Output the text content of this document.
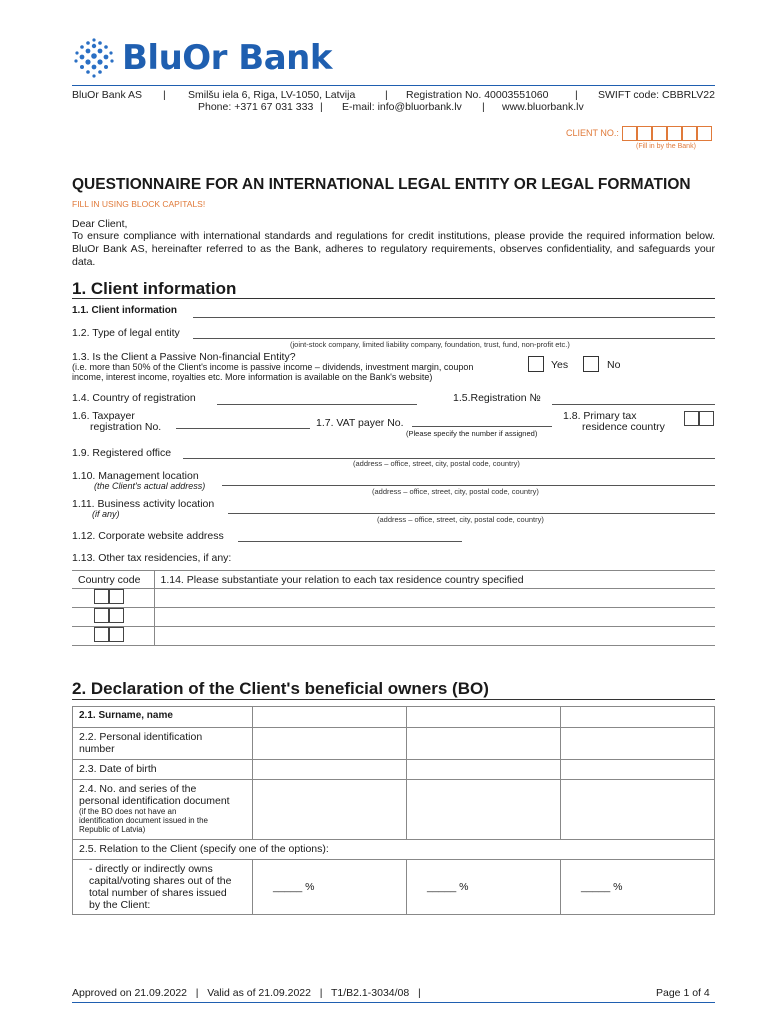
BluOr Bank
BluOr Bank AS | Smilšu iela 6, Riga, LV-1050, Latvija	| Registration No. 40003551060	| SWIFT code: CBBRLV22
Phone: +371 67 031 333 | E-mail: info@bluorbank.lv | www.bluorbank.lv
CLIENT NO.:
(Fill in by the Bank)
QUESTIONNAIRE FOR AN INTERNATIONAL LEGAL ENTITY OR LEGAL FORMATION
FILL IN USING BLOCK CAPITALS!
Dear Client,
To ensure compliance with international standards and regulations for credit institutions, please provide the required information below. BluOr Bank AS, hereinafter referred to as the Bank, adheres to regulatory requirements, observes confidentiality, and safeguards your data.
1. Client information
1.1. Client information
1.2. Type of legal entity
(joint-stock company, limited liability company, foundation, trust, fund, non-profit etc.)
1.3. Is the Client a Passive Non-financial Entity?
(i.e. more than 50% of the Client's income is passive income – dividends, investment margin, coupon
income, interest income, royalties etc. More information is available on the Bank's website)
Yes	No
1.4. Country of registration	1.5.Registration №
1.6. Taxpayer
registration No.	1.7. VAT payer No.
(Please specify the number if assigned)
1.8. Primary tax
residence country
1.9. Registered office
(address – office, street, city, postal code, country)
1.10. Management location
(the Client's actual address)
(address – office, street, city, postal code, country)
1.11. Business activity location
(if any)
(address – office, street, city, postal code, country)
1.12. Corporate website address
1.13. Other tax residencies, if any:
Country code	1.14. Please substantiate your relation to each tax residence country specified

2. Declaration of the Client's beneficial owners (BO)
2.1. Surname, name			

2.2. Personal identification
number			

2.3. Date of birth			

2.4. No. and series of the
personal identification document
(if the BO does not have an
identification document issued in the
Republic of Latvia)			

2.5. Relation to the Client (specify one of the options):			

- directly or indirectly owns
capital/voting shares out of the
total number of shares issued
by the Client:	_____ %	_____ %	_____ %
Approved on 21.09.2022   |   Valid as of 21.09.2022   |   T1/B2.1-3034/08   |	Page 1 of 4
